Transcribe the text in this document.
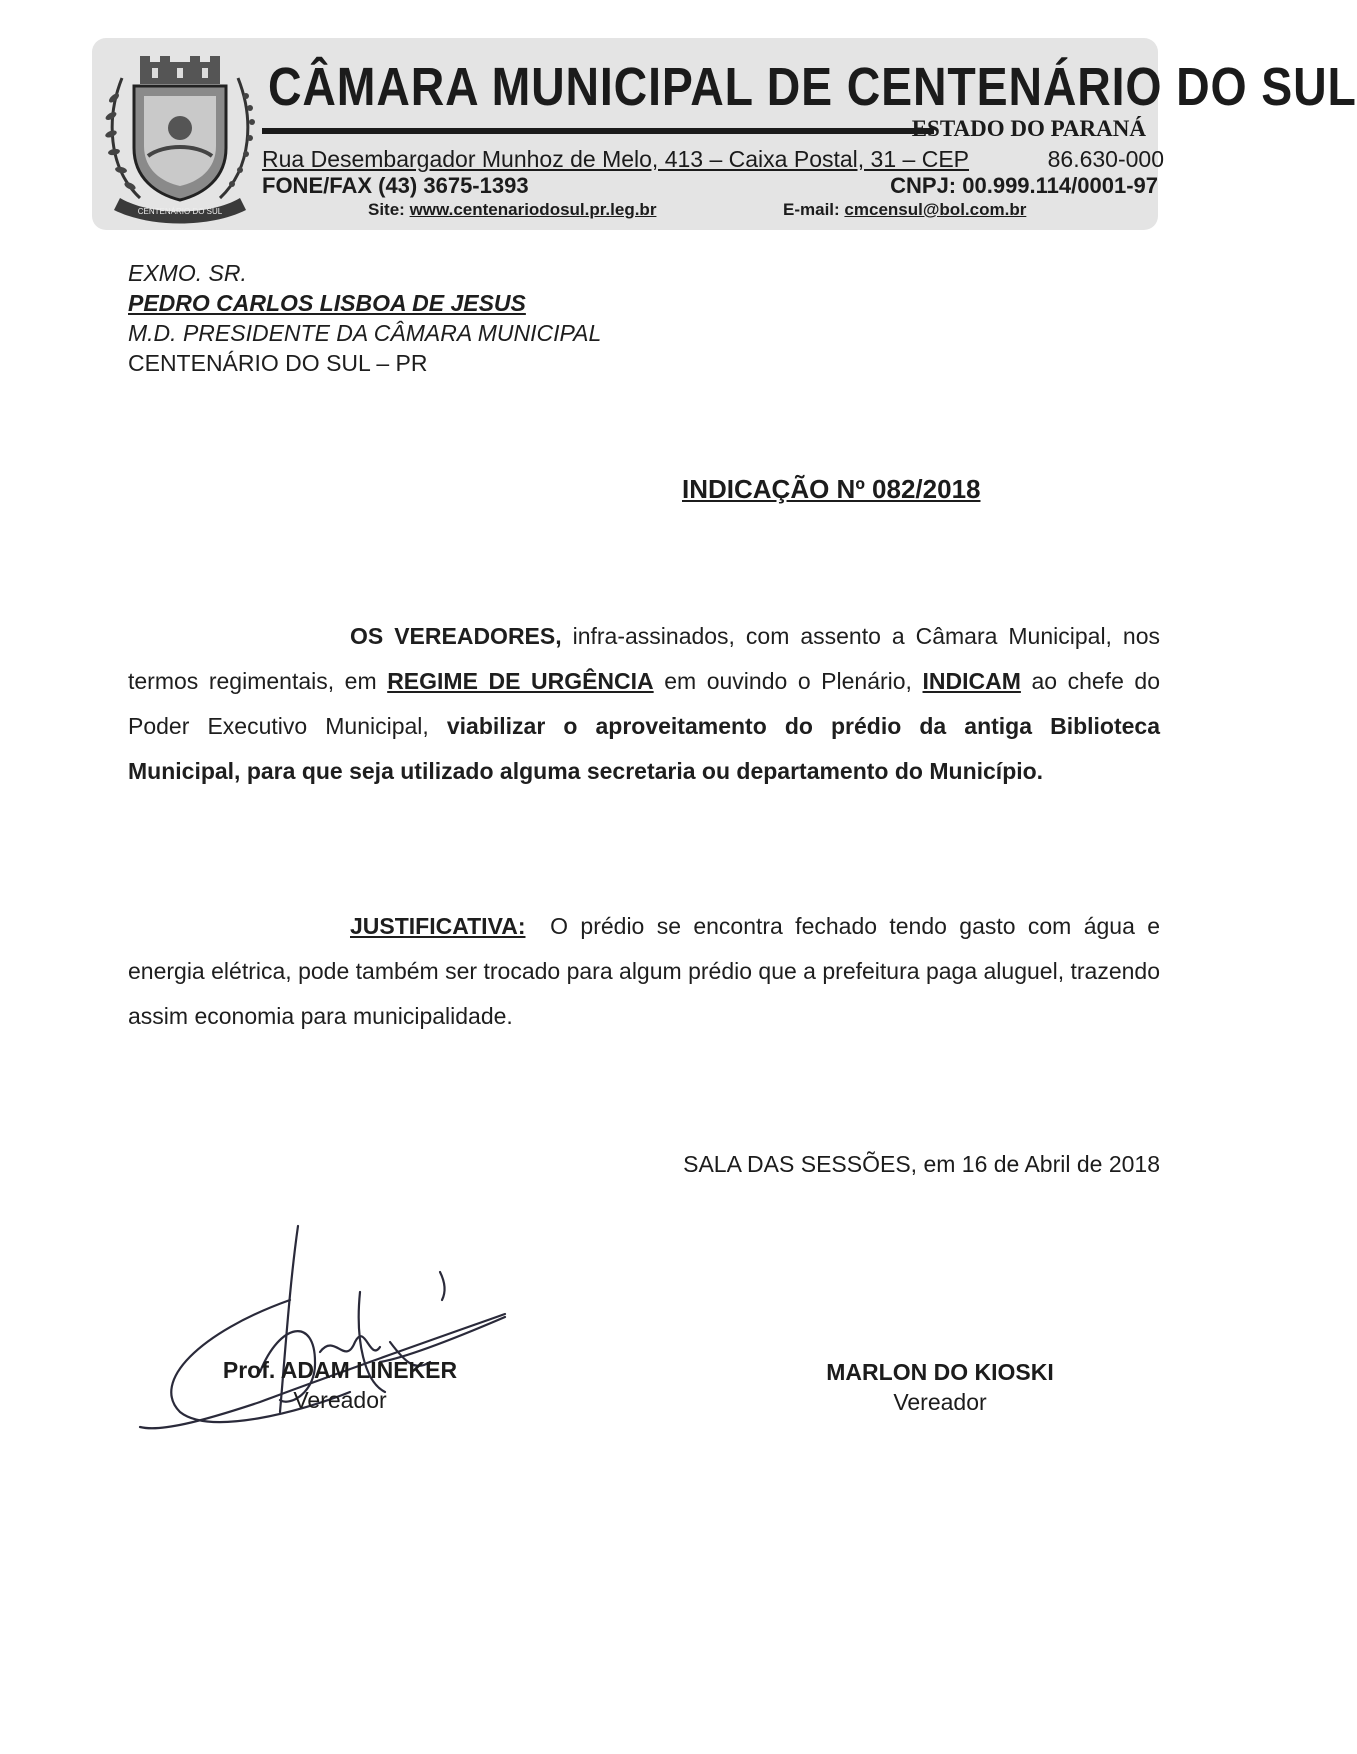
CENTENÁRIO DO SUL
CÂMARA MUNICIPAL DE CENTENÁRIO DO SUL
ESTADO DO PARANÁ
Rua Desembargador Munhoz de Melo, 413 – Caixa Postal, 31 – CEP	86.630-000
FONE/FAX (43) 3675-1393	CNPJ: 00.999.114/0001-97
Site: www.centenariodosul.pr.leg.br	E-mail: cmcensul@bol.com.br
EXMO. SR.
PEDRO CARLOS LISBOA DE JESUS
M.D. PRESIDENTE DA CÂMARA MUNICIPAL
CENTENÁRIO DO SUL – PR
INDICAÇÃO Nº 082/2018
OS VEREADORES, infra-assinados, com assento a Câmara Municipal, nos termos regimentais, em REGIME DE URGÊNCIA em ouvindo o Plenário, INDICAM ao chefe do Poder Executivo Municipal, viabilizar o aproveitamento do prédio da antiga Biblioteca Municipal, para que seja utilizado alguma secretaria ou departamento do Município.
JUSTIFICATIVA:  O prédio se encontra fechado tendo gasto com água e energia elétrica, pode também ser trocado para algum prédio que a prefeitura paga aluguel, trazendo assim economia para municipalidade.
SALA DAS SESSÕES, em 16 de Abril de 2018
Prof. ADAM LINEKER
Vereador
MARLON DO KIOSKI
Vereador
